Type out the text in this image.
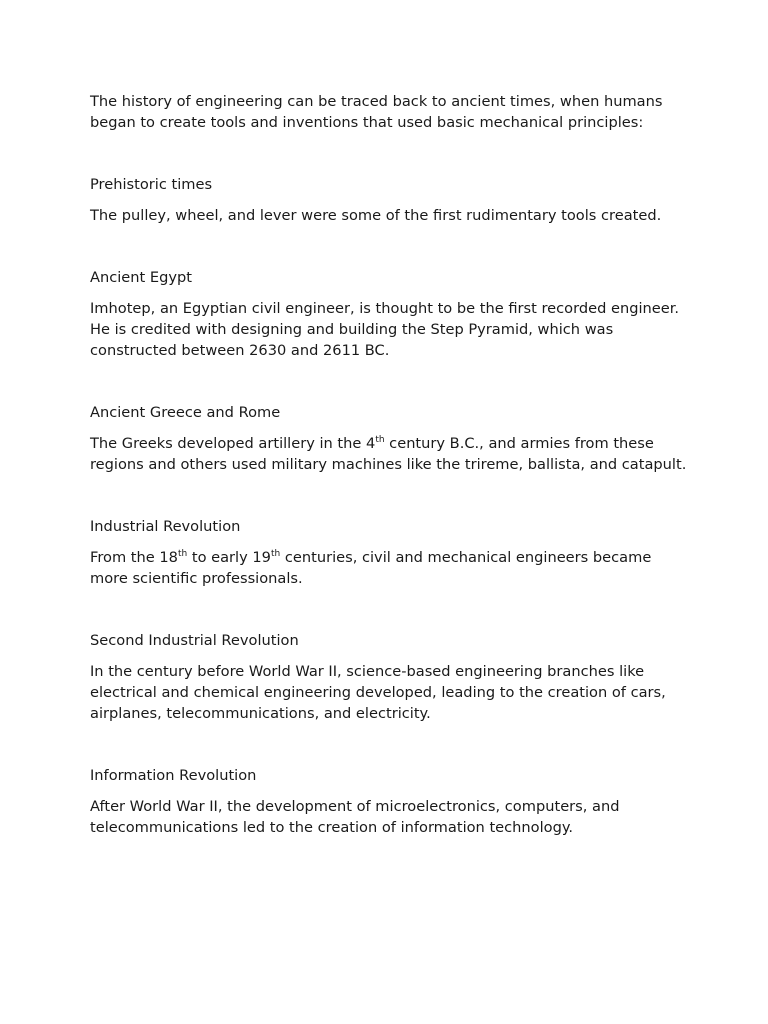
The history of engineering can be traced back to ancient times, when humans began to create tools and inventions that used basic mechanical principles:

Prehistoric times

The pulley, wheel, and lever were some of the first rudimentary tools created.

Ancient Egypt

Imhotep, an Egyptian civil engineer, is thought to be the first recorded engineer. He is credited with designing and building the Step Pyramid, which was constructed between 2630 and 2611 BC.

Ancient Greece and Rome

The Greeks developed artillery in the 4th century B.C., and armies from these regions and others used military machines like the trireme, ballista, and catapult.

Industrial Revolution

From the 18th to early 19th centuries, civil and mechanical engineers became more scientific professionals.

Second Industrial Revolution

In the century before World War II, science-based engineering branches like electrical and chemical engineering developed, leading to the creation of cars, airplanes, telecommunications, and electricity.

Information Revolution

After World War II, the development of microelectronics, computers, and telecommunications led to the creation of information technology.
